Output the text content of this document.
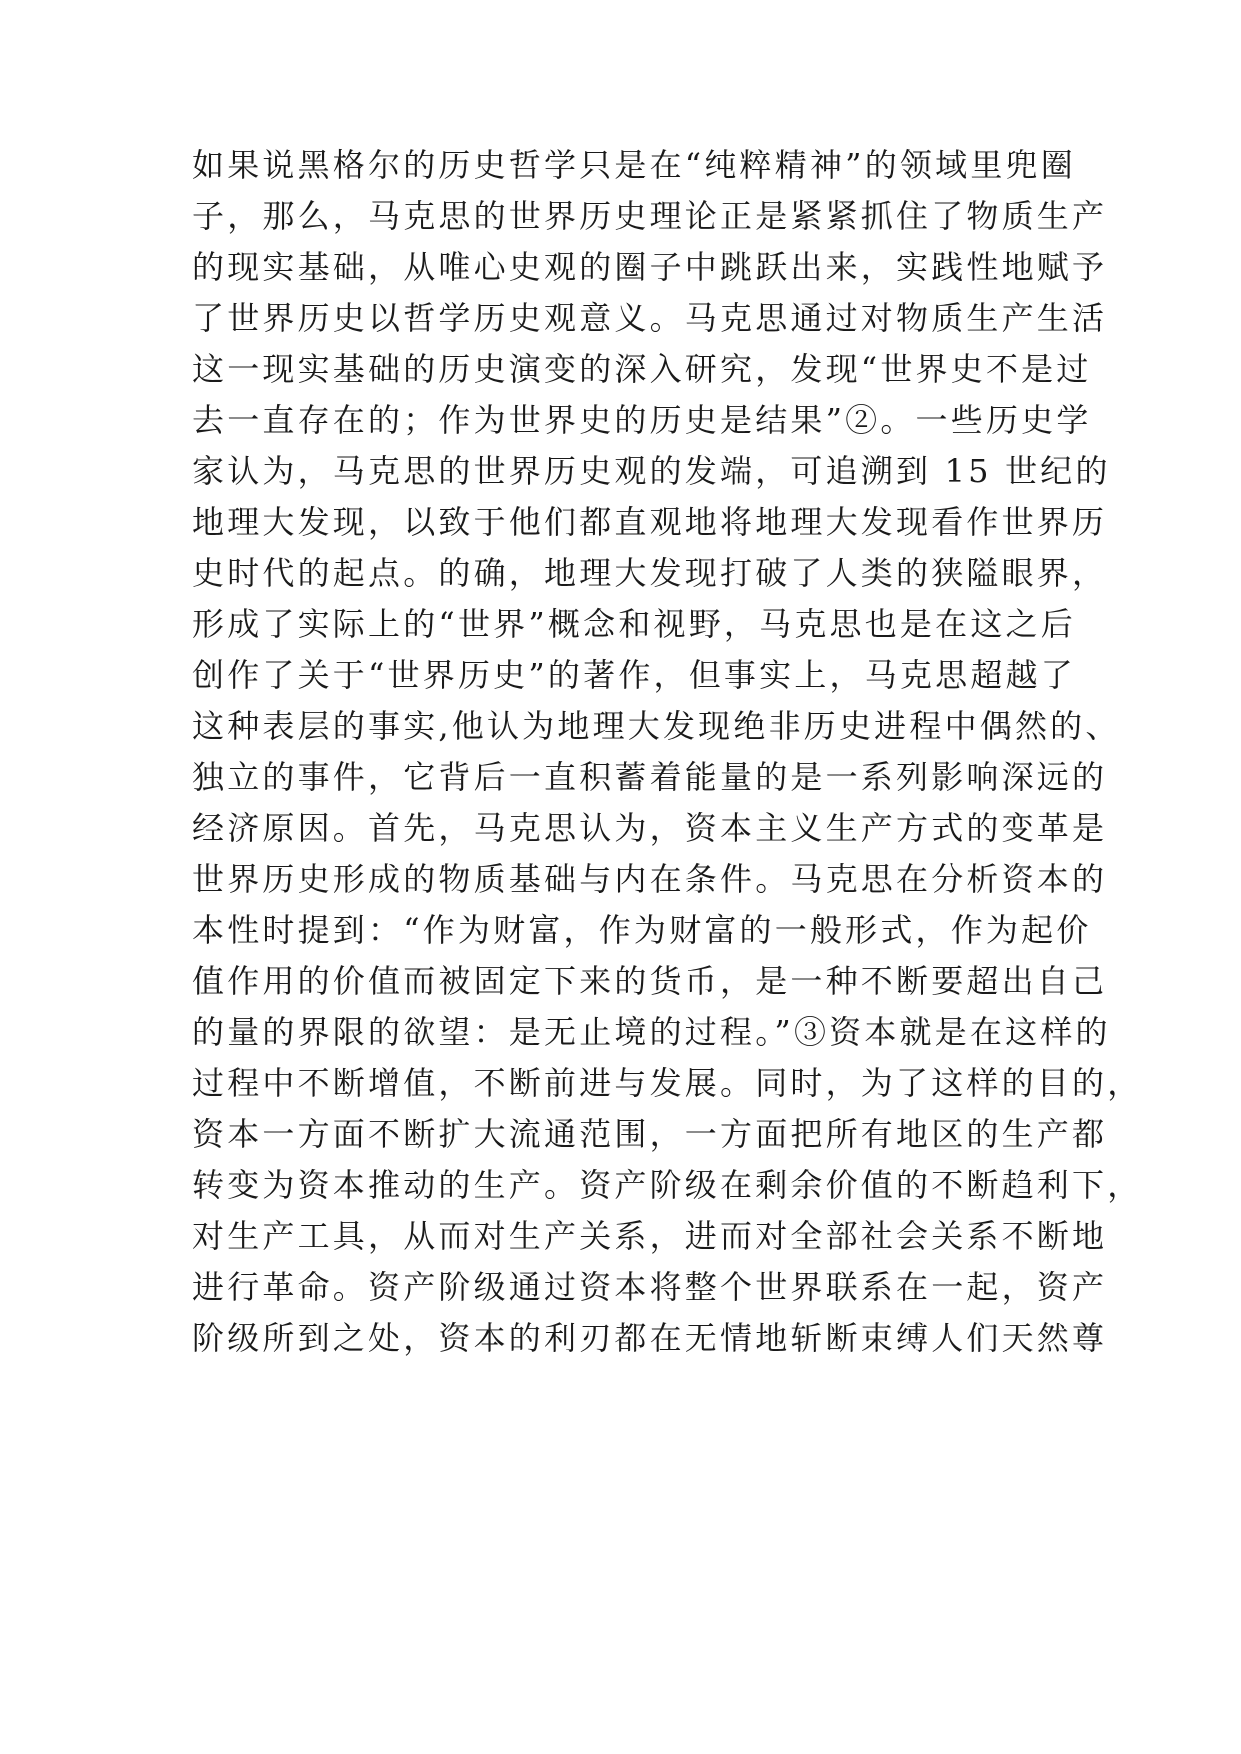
如果说黑格尔的历史哲学只是在“纯粹精神”的领域里兜圈
子，那么，马克思的世界历史理论正是紧紧抓住了物质生产
的现实基础，从唯心史观的圈子中跳跃出来，实践性地赋予
了世界历史以哲学历史观意义。马克思通过对物质生产生活
这一现实基础的历史演变的深入研究，发现“世界史不是过
去一直存在的；作为世界史的历史是结果”②。一些历史学
家认为，马克思的世界历史观的发端，可追溯到 15 世纪的
地理大发现，以致于他们都直观地将地理大发现看作世界历
史时代的起点。的确，地理大发现打破了人类的狭隘眼界，
形成了实际上的“世界”概念和视野，马克思也是在这之后
创作了关于“世界历史”的著作，但事实上，马克思超越了
这种表层的事实,他认为地理大发现绝非历史进程中偶然的、
独立的事件，它背后一直积蓄着能量的是一系列影响深远的
经济原因。首先，马克思认为，资本主义生产方式的变革是
世界历史形成的物质基础与内在条件。马克思在分析资本的
本性时提到：“作为财富，作为财富的一般形式，作为起价
值作用的价值而被固定下来的货币，是一种不断要超出自己
的量的界限的欲望：是无止境的过程。”③资本就是在这样的
过程中不断增值，不断前进与发展。同时，为了这样的目的，
资本一方面不断扩大流通范围，一方面把所有地区的生产都
转变为资本推动的生产。资产阶级在剩余价值的不断趋利下，
对生产工具，从而对生产关系，进而对全部社会关系不断地
进行革命。资产阶级通过资本将整个世界联系在一起，资产
阶级所到之处，资本的利刃都在无情地斩断束缚人们天然尊
